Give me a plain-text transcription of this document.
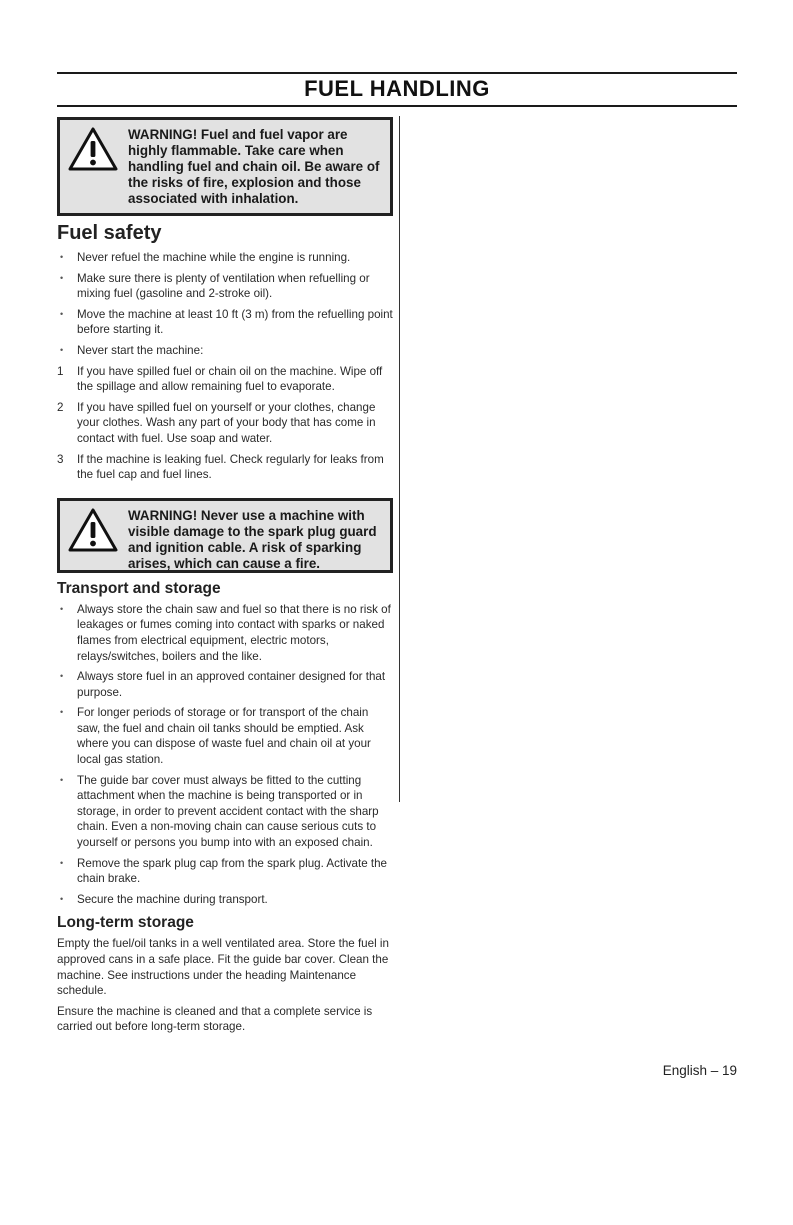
FUEL HANDLING
WARNING! Fuel and fuel vapor are highly flammable. Take care when handling fuel and chain oil. Be aware of the risks of fire, explosion and those associated with inhalation.
Fuel safety
• Never refuel the machine while the engine is running.
• Make sure there is plenty of ventilation when refuelling or mixing fuel (gasoline and 2-stroke oil).
• Move the machine at least 10 ft (3 m) from the refuelling point before starting it.
• Never start the machine:
1 If you have spilled fuel or chain oil on the machine. Wipe off the spillage and allow remaining fuel to evaporate.
2 If you have spilled fuel on yourself or your clothes, change your clothes. Wash any part of your body that has come in contact with fuel. Use soap and water.
3 If the machine is leaking fuel. Check regularly for leaks from the fuel cap and fuel lines.
WARNING! Never use a machine with visible damage to the spark plug guard and ignition cable. A risk of sparking arises, which can cause a fire.
Transport and storage
• Always store the chain saw and fuel so that there is no risk of leakages or fumes coming into contact with sparks or naked flames from electrical equipment, electric motors, relays/switches, boilers and the like.
• Always store fuel in an approved container designed for that purpose.
• For longer periods of storage or for transport of the chain saw, the fuel and chain oil tanks should be emptied. Ask where you can dispose of waste fuel and chain oil at your local gas station.
• The guide bar cover must always be fitted to the cutting attachment when the machine is being transported or in storage, in order to prevent accident contact with the sharp chain. Even a non-moving chain can cause serious cuts to yourself or persons you bump into with an exposed chain.
• Remove the spark plug cap from the spark plug. Activate the chain brake.
• Secure the machine during transport.
Long-term storage

Empty the fuel/oil tanks in a well ventilated area. Store the fuel in approved cans in a safe place. Fit the guide bar cover. Clean the machine. See instructions under the heading Maintenance schedule.

Ensure the machine is cleaned and that a complete service is carried out before long-term storage.

English – 19
